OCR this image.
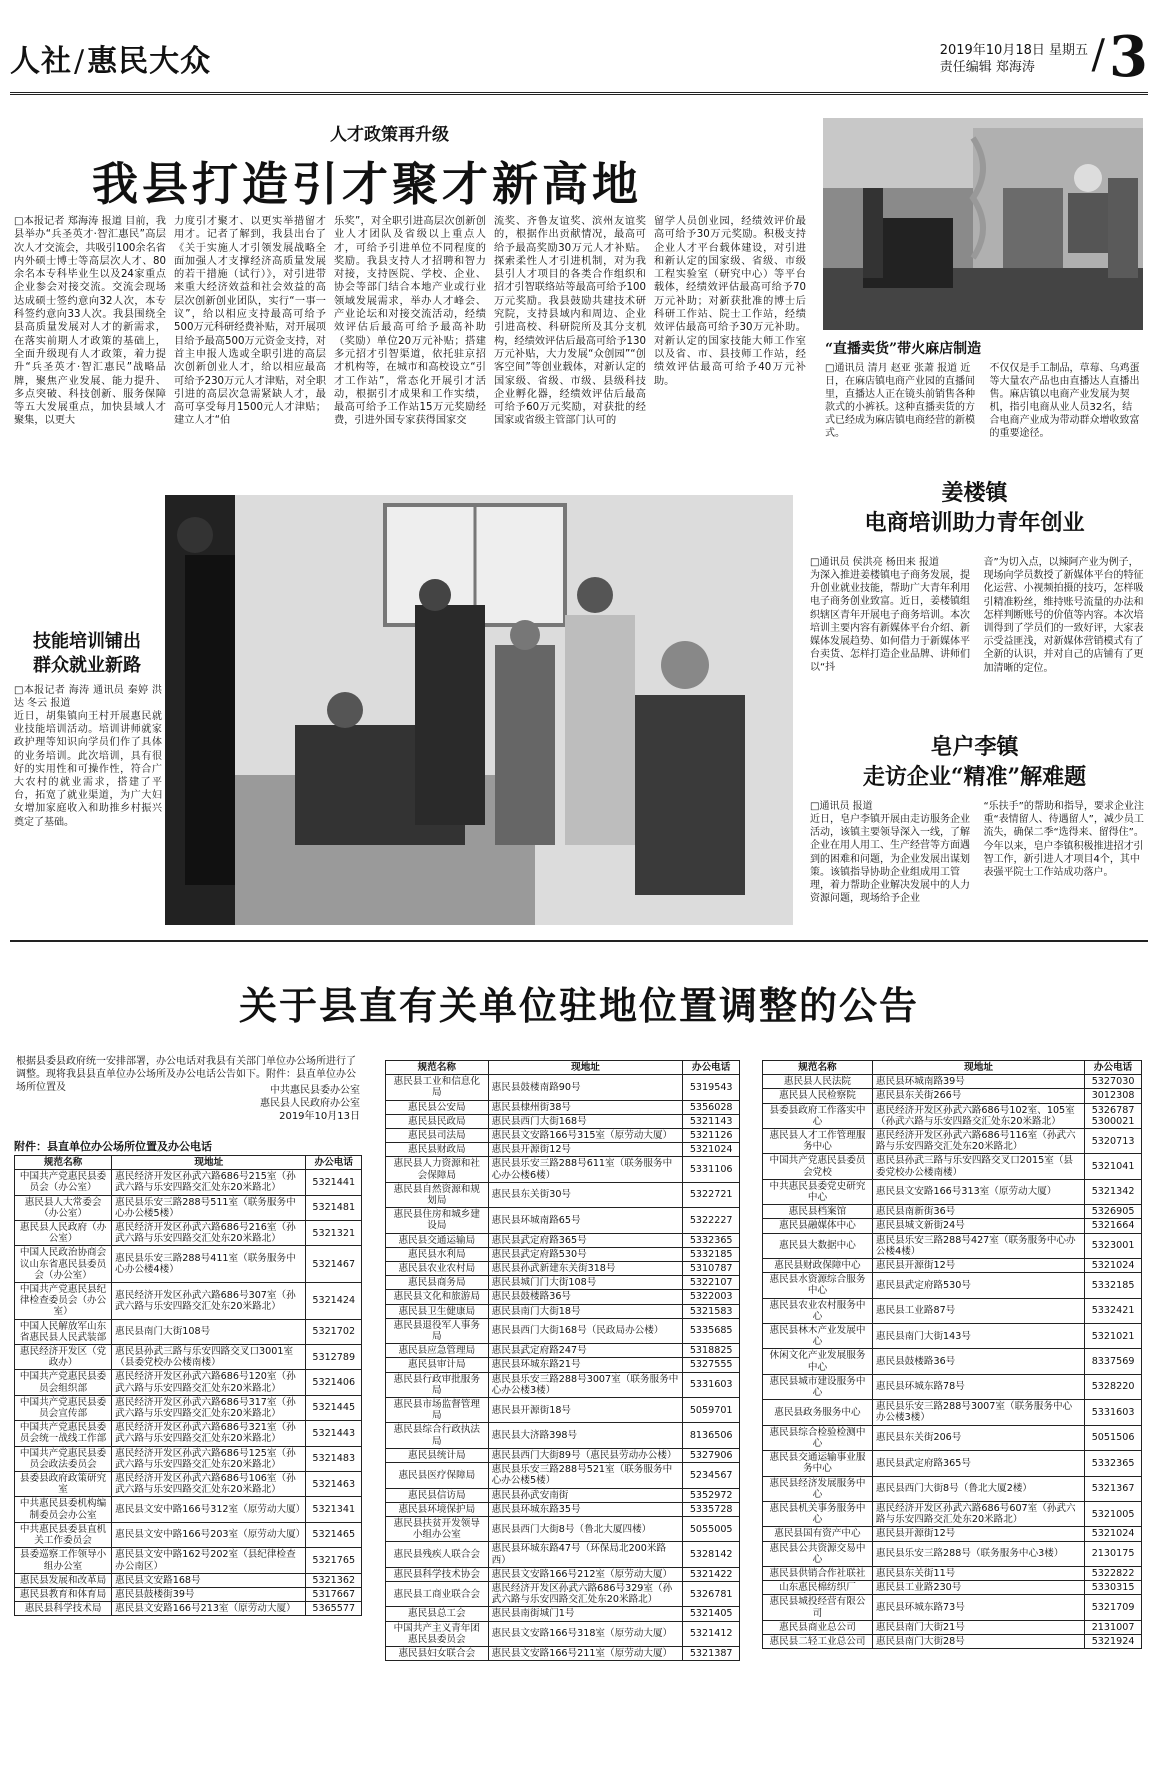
人社/惠民大众	2019年10月18日 星期五
责任编辑 郑海涛	/3
人才政策再升级
我县打造引才聚才新高地
□本报记者 郑海涛 报道 目前，我县举办“兵圣英才·智汇惠民”高层次人才交流会，共吸引100余名省内外硕士博士等高层次人才、80余名本专科毕业生以及24家重点企业参会对接交流。交流会现场达成硕士签约意向32人次，本专科签约意向33人次。我县围绕全县高质量发展对人才的新需求，在落实前期人才政策的基础上，全面升级现有人才政策，着力提升“兵圣英才·智汇惠民”战略品牌，聚焦产业发展、能力提升、多点突破、科技创新、服务保障等五大发展重点，加快县域人才聚集，以更大
力度引才聚才、以更实举措留才用才。记者了解到，我县出台了《关于实施人才引领发展战略全面加强人才支撑经济高质量发展的若干措施（试行）》，对引进带来重大经济效益和社会效益的高层次创新创业团队，实行“一事一议”，给以相应支持最高可给予500万元科研经费补贴，对开展项目给予最高500万元资金支持，对首主申报人选或全职引进的高层次创新创业人才，给以相应最高可给予230万元人才津贴，对全职引进的高层次急需紧缺人才，最高可享受每月1500元人才津贴；建立人才“伯
乐奖”，对全职引进高层次创新创业人才团队及省级以上重点人才，可给予引进单位不同程度的奖励。我县支持人才招聘和智力对接，支持医院、学校、企业、协会等部门结合本地产业或行业领域发展需求，举办人才峰会、产业论坛和对接交流活动，经绩效评估后最高可给予最高补助（奖励）单位20万元补贴；搭建多元招才引智渠道，依托驻京招才机构等，在城市和高校设立“引才工作站”，常态化开展引才活动，根据引才成果和工作实绩，最高可给予工作站15万元奖励经费，引进外国专家获得国家交
流奖、齐鲁友谊奖、滨州友谊奖的，根据作出贡献情况，最高可给予最高奖励30万元人才补贴。探索柔性人才引进机制，对为我县引人才项目的各类合作组织和招才引智联络站等最高可给予100万元奖励。我县鼓励共建技术研究院，支持县域内和周边、企业引进高校、科研院所及其分支机构，经绩效评估后最高可给予130万元补贴，大力发展“众创园”“创客空间”等创业载体，对新认定的国家级、省级、市级、县级科技企业孵化器，经绩效评估后最高可给予60万元奖励，对获批的经国家或省级主管部门认可的
留学人员创业园，经绩效评价最高可给予30万元奖励。积极支持企业人才平台载体建设，对引进和新认定的国家级、省级、市级工程实验室（研究中心）等平台载体，经绩效评估最高可给予70万元补助；对新获批准的博士后科研工作站、院士工作站，经绩效评估最高可给予30万元补助。对新认定的国家技能大师工作室以及省、市、县技师工作站，经绩效评估最高可给予40万元补助。
“直播卖货”带火麻店制造
□通讯员 清月 赵亚 张萧 报道 近日，在麻店镇电商产业园的直播间里，直播达人正在镜头前销售各种款式的小裤袄。这种直播卖货的方式已经成为麻店镇电商经营的新模式。
不仅仅是手工制品，草莓、乌鸡蛋等大量农产品也由直播达人直播出售。麻店镇以电商产业发展为契机，指引电商从业人员32名，结合电商产业成为带动群众增收致富的重要途径。
技能培训铺出
群众就业新路
□本报记者 海涛 通讯员 秦婷 洪达 冬云 报道
近日，胡集镇向王村开展惠民就业技能培训活动。培训讲师就家政护理等知识向学员们作了具体的业务培训。此次培训，具有很好的实用性和可操作性，符合广大农村的就业需求，搭建了平台，拓宽了就业渠道，为广大妇女增加家庭收入和助推乡村振兴奠定了基础。
姜楼镇
电商培训助力青年创业
□通讯员 侯洪亮 杨田来 报道
为深入推进姜楼镇电子商务发展，提升创业就业技能，帮助广大青年利用电子商务创业致富。近日，姜楼镇组织辖区青年开展电子商务培训。本次培训主要内容有新媒体平台介绍、新媒体发展趋势、如何借力于新媒体平台卖货、怎样打造企业品牌、讲师们以“抖
音”为切入点，以辣阿产业为例子，现场向学员数授了新媒体平台的特征化运营、小视频拍摄的技巧，怎样吸引精准粉丝，维持账号流量的办法和怎样判断账号的价值等内容。本次培训得到了学员们的一致好评，大家表示受益匪浅，对新媒体营销模式有了全新的认识，并对自己的店铺有了更加清晰的定位。
皂户李镇
走访企业“精准”解难题
□通讯员 报道
近日，皂户李镇开展由走访服务企业活动，该镇主要领导深入一线，了解企业在用人用工、生产经营等方面遇到的困难和问题，为企业发展出谋划策。该镇指导协助企业组成用工管理，着力帮助企业解决发展中的人力资源问题，现场给予企业
“乐扶手”的帮助和指导，要求企业注重“表情留人、待遇留人”，减少员工流失，确保二季“选得来、留得住”。今年以来，皂户李镇积极推进招才引智工作，新引进人才项目4个，其中表强平院士工作站成功落户。
关于县直有关单位驻地位置调整的公告
根据县委县政府统一安排部署，办公电话对我县有关部门单位办公场所进行了调整。现将我县县直单位办公场所及办公电话公告如下。附件：县直单位办公场所位置及	中共惠民县委办公室
惠民县人民政府办公室
2019年10月13日
附件：县直单位办公场所位置及办公电话
规范名称	现地址	办公电话
中国共产党惠民县委员会（办公室）	惠民经济开发区孙武六路686号215室（孙武六路与乐安四路交汇处东20米路北）	5321441
惠民县人大常委会（办公室）	惠民县乐安三路288号511室（联务服务中心办公楼5楼）	5321481
惠民县人民政府（办公室）	惠民经济开发区孙武六路686号216室（孙武六路与乐安四路交汇处东20米路北）	5321321
中国人民政治协商会议山东省惠民县委员会（办公室）	惠民县乐安三路288号411室（联务服务中心办公楼4楼）	5321467
中国共产党惠民县纪律检查委员会（办公室）	惠民经济开发区孙武六路686号307室（孙武六路与乐安四路交汇处东20米路北）	5321424
中国人民解放军山东省惠民县人民武装部	惠民县南门大街108号	5321702
惠民经济开发区（党政办）	惠民县孙武三路与乐安四路交叉口3001室（县委党校办公楼南楼）	5312789
中国共产党惠民县委员会组织部	惠民经济开发区孙武六路686号120室（孙武六路与乐安四路交汇处东20米路北）	5321406
中国共产党惠民县委员会宣传部	惠民经济开发区孙武六路686号317室（孙武六路与乐安四路交汇处东20米路北）	5321445
中国共产党惠民县委员会统一战线工作部	惠民经济开发区孙武六路686号321室（孙武六路与乐安四路交汇处东20米路北）	5321443
中国共产党惠民县委员会政法委员会	惠民经济开发区孙武六路686号125室（孙武六路与乐安四路交汇处东20米路北）	5321483
县委县政府政策研究室	惠民经济开发区孙武六路686号106室（孙武六路与乐安四路交汇处东20米路北）	5321463
中共惠民县委机构编制委员会办公室	惠民县文安中路166号312室（原劳动大厦）	5321341
中共惠民县委县直机关工作委员会	惠民县文安中路166号203室（原劳动大厦）	5321465
县委巡察工作领导小组办公室	惠民县文安中路162号202室（县纪律检查办公南区）	5321765
惠民县发展和改革局	惠民县文安路168号	5321362
惠民县教育和体育局	惠民县鼓楼街39号	5317667
惠民县科学技术局	惠民县文安路166号213室（原劳动大厦）	5365577
规范名称	现地址	办公电话
惠民县工业和信息化局	惠民县鼓楼南路90号	5319543
惠民县公安局	惠民县棣州街38号	5356028
惠民县民政局	惠民县西门大街168号	5321143
惠民县司法局	惠民县文安路166号315室（原劳动大厦）	5321126
惠民县财政局	惠民县开源街12号	5321024
惠民县人力资源和社会保障局	惠民县乐安三路288号611室（联务服务中心办公楼6楼）	5331106
惠民县自然资源和规划局	惠民县东关街30号	5322721
惠民县住房和城乡建设局	惠民县环城南路65号	5322227
惠民县交通运输局	惠民县武定府路365号	5332365
惠民县水利局	惠民县武定府路530号	5332185
惠民县农业农村局	惠民县孙武新建东关街318号	5310787
惠民县商务局	惠民县城门门大街108号	5322107
惠民县文化和旅游局	惠民县鼓楼路36号	5322003
惠民县卫生健康局	惠民县南门大街18号	5321583
惠民县退役军人事务局	惠民县西门大街168号（民政局办公楼）	5335685
惠民县应急管理局	惠民县武定府路247号	5318825
惠民县审计局	惠民县环城东路21号	5327555
惠民县行政审批服务局	惠民县乐安三路288号3007室（联务服务中心办公楼3楼）	5331603
惠民县市场监督管理局	惠民县开源街18号	5059701
惠民县综合行政执法局	惠民县大济路398号	8136506
惠民县统计局	惠民县西门大街89号（惠民县劳动办公楼）	5327906
惠民县医疗保障局	惠民县乐安三路288号521室（联务服务中心办公楼5楼）	5234567
惠民县信访局	惠民县孙武安南街	5352972
惠民县环境保护局	惠民县环城东路35号	5335728
惠民县扶贫开发领导小组办公室	惠民县西门大街8号（鲁北大厦四楼）	5055005
惠民县残疾人联合会	惠民县环城东路47号（环保局北200米路西）	5328142
惠民县科学技术协会	惠民县文安路166号212室（原劳动大厦）	5321422
惠民县工商业联合会	惠民经济开发区孙武六路686号329室（孙武六路与乐安四路交汇处东20米路北）	5326781
惠民县总工会	惠民县南街城门1号	5321405
中国共产主义青年团惠民县委员会	惠民县文安路166号318室（原劳动大厦）	5321412
惠民县妇女联合会	惠民县文安路166号211室（原劳动大厦）	5321387
规范名称	现地址	办公电话
惠民县人民法院	惠民县环城南路39号	5327030
惠民县人民检察院	惠民县东关街266号	3012308
县委县政府工作落实中心	惠民经济开发区孙武六路686号102室、105室（孙武六路与乐安四路交汇处东20米路北）	5326787 5300021
惠民县人才工作管理服务中心	惠民经济开发区孙武六路686号116室（孙武六路与乐安四路交汇处东20米路北）	5320713
中国共产党惠民县委员会党校	惠民县孙武三路与乐安四路交叉口2015室（县委党校办公楼南楼）	5321041
中共惠民县委党史研究中心	惠民县文安路166号313室（原劳动大厦）	5321342
惠民县档案馆	惠民县南新街36号	5326905
惠民县融媒体中心	惠民县城文新街24号	5321664
惠民县大数据中心	惠民县乐安三路288号427室（联务服务中心办公楼4楼）	5323001
惠民县财政保障中心	惠民县开源街12号	5321024
惠民县水资源综合服务中心	惠民县武定府路530号	5332185
惠民县农业农村服务中心	惠民县工业路87号	5332421
惠民县林木产业发展中心	惠民县南门大街143号	5321021
休闲文化产业发展服务中心	惠民县鼓楼路36号	8337569
惠民县城市建设服务中心	惠民县环城东路78号	5328220
惠民县政务服务中心	惠民县乐安三路288号3007室（联务服务中心办公楼3楼）	5331603
惠民县综合检验检测中心	惠民县东关街206号	5051506
惠民县交通运输事业服务中心	惠民县武定府路365号	5332365
惠民县经济发展服务中心	惠民县西门大街8号（鲁北大厦2楼）	5321367
惠民县机关事务服务中心	惠民经济开发区孙武六路686号607室（孙武六路与乐安四路交汇处东20米路北）	5321005
惠民县国有资产中心	惠民县开源街12号	5321024
惠民县公共资源交易中心	惠民县乐安三路288号（联务服务中心3楼）	2130175
惠民县供销合作社联社	惠民县东关街11号	5322822
山东惠民棉纺织厂	惠民县工业路230号	5330315
惠民县城投经营有限公司	惠民县环城东路73号	5321709
惠民县商业总公司	惠民县南门大街21号	2131007
惠民县二轻工业总公司	惠民县南门大街28号	5321924
